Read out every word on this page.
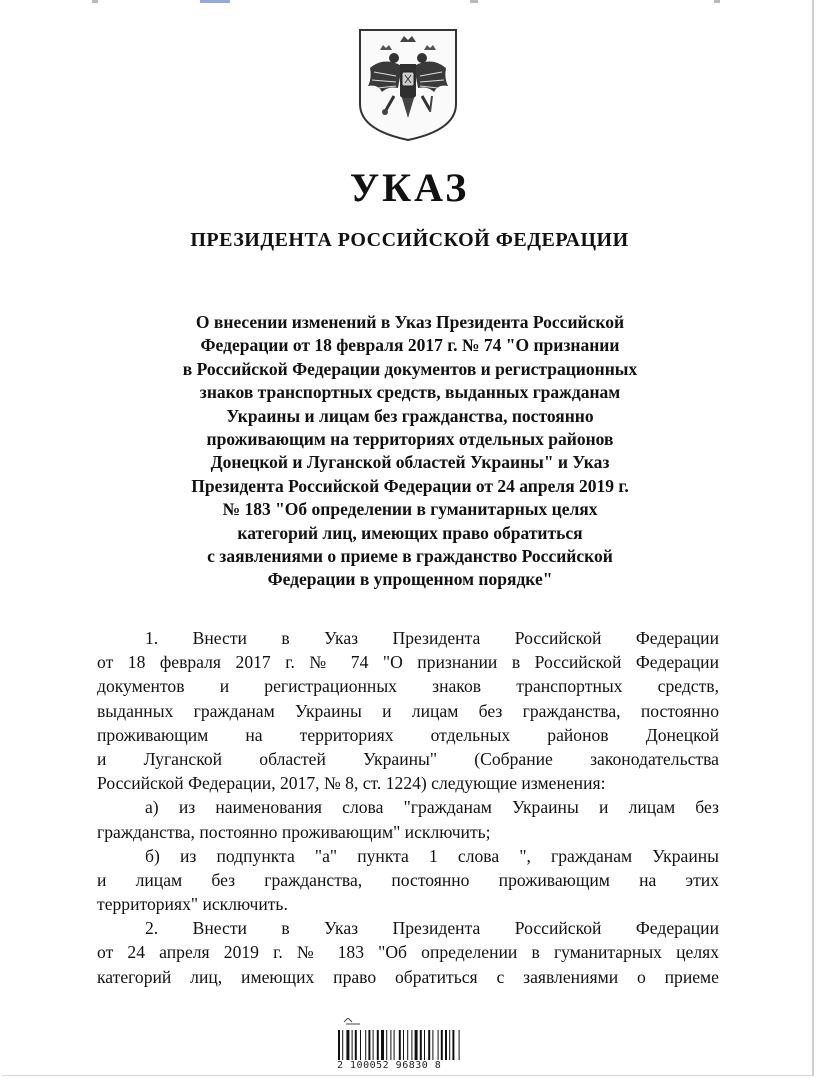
УКАЗ
ПРЕЗИДЕНТА РОССИЙСКОЙ ФЕДЕРАЦИИ
О внесении изменений в Указ Президента Российской
Федерации от 18 февраля 2017 г. № 74 "О признании
в Российской Федерации документов и регистрационных
знаков транспортных средств, выданных гражданам
Украины и лицам без гражданства, постоянно
проживающим на территориях отдельных районов
Донецкой и Луганской областей Украины" и Указ
Президента Российской Федерации от 24 апреля 2019 г.
№ 183 "Об определении в гуманитарных целях
категорий лиц, имеющих право обратиться
с заявлениями о приеме в гражданство Российской
Федерации в упрощенном порядке"
1. Внести в Указ Президента Российской Федерации
от 18 февраля 2017 г. № 74 "О признании в Российской Федерации
документов и регистрационных знаков транспортных средств,
выданных гражданам Украины и лицам без гражданства, постоянно
проживающим на территориях отдельных районов Донецкой
и Луганской областей Украины" (Собрание законодательства
Российской Федерации, 2017, № 8, ст. 1224) следующие изменения:
а) из наименования слова "гражданам Украины и лицам без
гражданства, постоянно проживающим" исключить;
б) из подпункта "а" пункта 1 слова ", гражданам Украины
и лицам без гражданства, постоянно проживающим на этих
территориях" исключить.
2. Внести в Указ Президента Российской Федерации
от 24 апреля 2019 г. № 183 "Об определении в гуманитарных целях
категорий лиц, имеющих право обратиться с заявлениями о приеме
2 100052 96830 8
